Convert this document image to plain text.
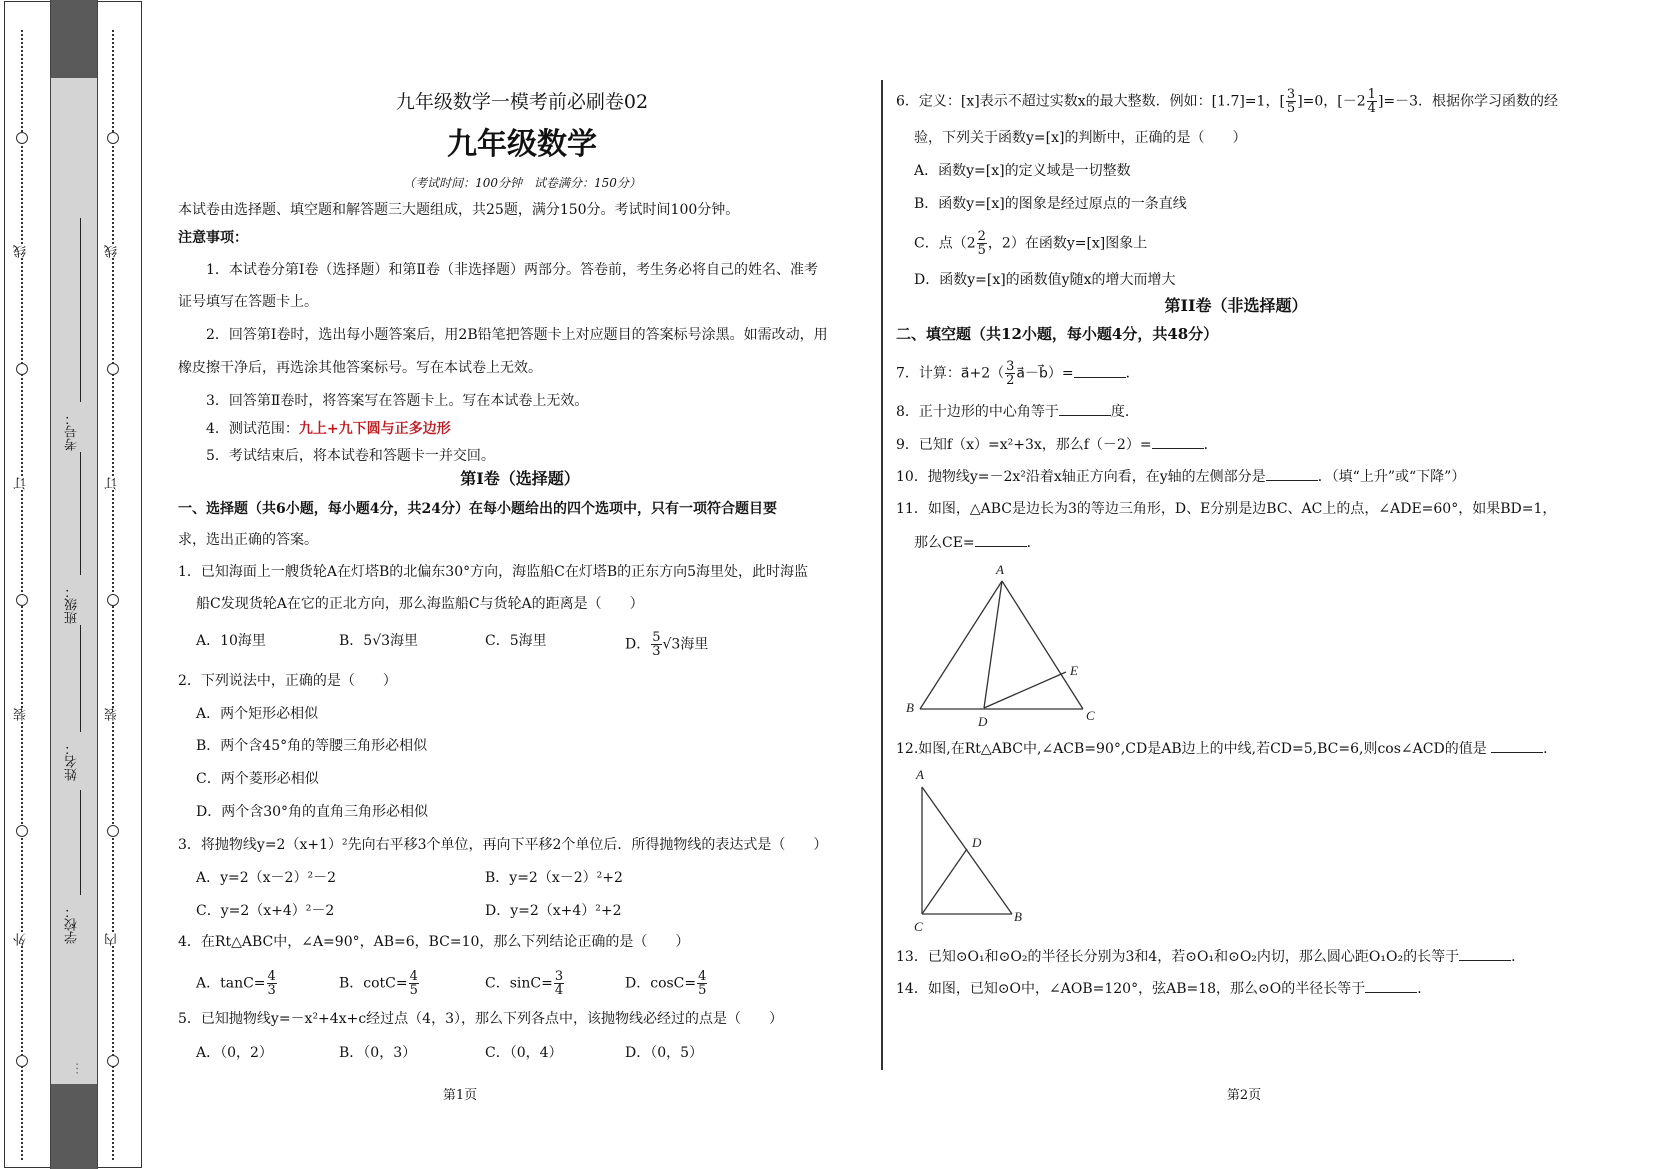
线
订
装
外
线
订
装
内
考号：
班级：
姓名：
学校：
…
九年级数学一模考前必刷卷02
九年级数学
（考试时间：100分钟　试卷满分：150分）
本试卷由选择题、填空题和解答题三大题组成，共25题，满分150分。考试时间100分钟。
注意事项：
1．本试卷分第Ⅰ卷（选择题）和第Ⅱ卷（非选择题）两部分。答卷前，考生务必将自己的姓名、准考
证号填写在答题卡上。
2．回答第Ⅰ卷时，选出每小题答案后，用2B铅笔把答题卡上对应题目的答案标号涂黑。如需改动，用
橡皮擦干净后，再选涂其他答案标号。写在本试卷上无效。
3．回答第Ⅱ卷时，将答案写在答题卡上。写在本试卷上无效。
4．测试范围：九上+九下圆与正多边形
5．考试结束后，将本试卷和答题卡一并交回。
第Ⅰ卷（选择题）
一、选择题（共6小题，每小题4分，共24分）在每小题给出的四个选项中，只有一项符合题目要
求，选出正确的答案。
1．已知海面上一艘货轮A在灯塔B的北偏东30°方向，海监船C在灯塔B的正东方向5海里处，此时海监
船C发现货轮A在它的正北方向，那么海监船C与货轮A的距离是（　　）
A．10海里	B．5√3海里	C．5海里	D． $\frac{5}{3} √3$海里
2．下列说法中，正确的是（　　）
A．两个矩形必相似
B．两个含45°角的等腰三角形必相似
C．两个菱形必相似
D．两个含30°角的直角三角形必相似
3．将抛物线y=2（x+1）²先向右平移3个单位，再向下平移2个单位后．所得抛物线的表达式是（　　）
A．y=2（x－2）²－2	B．y=2（x－2）²+2
C．y=2（x+4）²－2	D．y=2（x+4）²+2
4．在Rt△ABC中，∠A=90°，AB=6，BC=10，那么下列结论正确的是（　　）
A．$\tan C= \frac{4}{3}$	B．$\cot C= \frac{4}{5}$	C．$\sin C= \frac{3}{4}$	D．$\cos C= \frac{4}{5}$
5．已知抛物线y=－x²+4x+c经过点（4，3），那么下列各点中，该抛物线必经过的点是（　　）
A．（0，2）	B．（0，3）	C．（0，4）	D．（0，5）
第1页
6．定义：[x]表示不超过实数x的最大整数．例如：[1.7]=1，[ $\frac{3}{5} ]=0$，$[-2 \frac{1}{4} ]=-3$．根据你学习函数的经
验，下列关于函数y=[x]的判断中，正确的是（　　）
A．函数y=[x]的定义域是一切整数
B．函数y=[x]的图象是经过原点的一条直线
C．点（$2 \frac{2}{5}$ ，2）在函数y=[x]图象上
D．函数y=[x]的函数值y随x的增大而增大
第II卷（非选择题）
二、填空题（共12小题，每小题4分，共48分）
7．计算：a⃗+2（ $\frac{3}{2}$ a⃗－b⃗）=	．
8．正十边形的中心角等于	度．
9．已知f（x）=x²+3x，那么f（－2）=	．
10．抛物线y=－2x²沿着x轴正方向看，在y轴的左侧部分是	．（填“上升”或“下降”）
11．如图，△ABC是边长为3的等边三角形，D、E分别是边BC、AC上的点，∠ADE=60°，如果BD=1，
那么CE=	．
A
B
C
D
E
12.如图,在Rt△ABC中,∠ACB=90°,CD是AB边上的中线,若CD=5,BC=6,则cos∠ACD的值是	．
A
C
B
D
13．已知⊙O₁和⊙O₂的半径长分别为3和4，若⊙O₁和⊙O₂内切，那么圆心距O₁O₂的长等于	．
14．如图，已知⊙O中，∠AOB=120°，弦AB=18，那么⊙O的半径长等于	．
第2页
